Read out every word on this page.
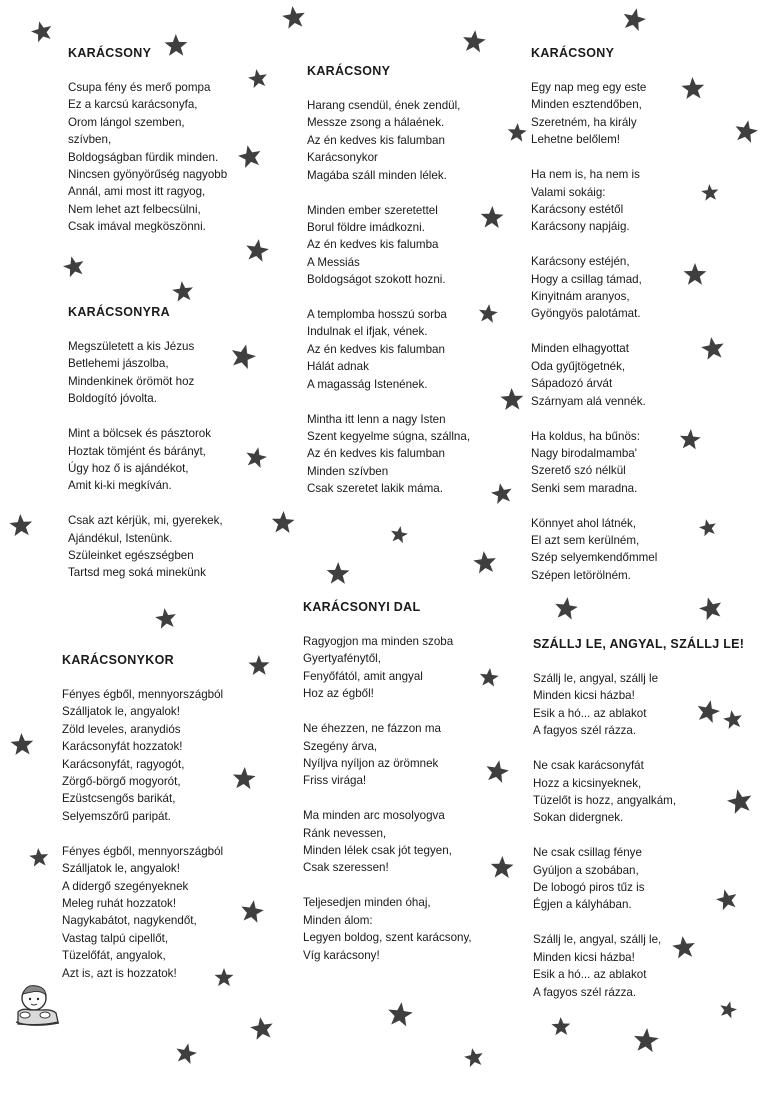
KARÁCSONY
Csupa fény és merő pompa
Ez a karcsú karácsonyfa,
Orom lángol szemben,
szívben,
Boldogságban fürdik minden.
Nincsen gyönyörűség nagyobb
Annál, ami most itt ragyog,
Nem lehet azt felbecsülni,
Csak imával megköszönni.
KARÁCSONYRA
Megszületett a kis Jézus
Betlehemi jászolba,
Mindenkinek örömöt hoz
Boldogító jóvolta.
Mint a bölcsek és pásztorok
Hoztak tömjént és bárányt,
Úgy hoz ő is ajándékot,
Amit ki-ki megkíván.
Csak azt kérjük, mi, gyerekek,
Ajándékul, Istenünk.
Szüleinket egészségben
Tartsd meg soká minekünk
KARÁCSONYKOR
Fényes égből, mennyországból
Szálljatok le, angyalok!
Zöld leveles, aranydiós
Karácsonyfát hozzatok!
Karácsonyfát, ragyogót,
Zörgő-börgő mogyorót,
Ezüstcsengős barikát,
Selyemszőrű paripát.
Fényes égből, mennyországból
Szálljatok le, angyalok!
A didergő szegényeknek
Meleg ruhát hozzatok!
Nagykabátot, nagykendőt,
Vastag talpú cipellőt,
Tüzelőfát, angyalok,
Azt is, azt is hozzatok!
KARÁCSONY
Harang csendül, ének zendül,
Messze zsong a hálaének.
Az én kedves kis falumban
Karácsonykor
Magába száll minden lélek.
Minden ember szeretettel
Borul földre imádkozni.
Az én kedves kis falumba
A Messiás
Boldogságot szokott hozni.
A templomba hosszú sorba
Indulnak el ifjak, vének.
Az én kedves kis falumban
Hálát adnak
A magasság Istenének.
Mintha itt lenn a nagy Isten
Szent kegyelme súgna, szállna,
Az én kedves kis falumban
Minden szívben
Csak szeretet lakik máma.
KARÁCSONYI DAL
Ragyogjon ma minden szoba
Gyertyafénytől,
Fenyőfától, amit angyal
Hoz az égből!
Ne éhezzen, ne fázzon ma
Szegény árva,
Nyíljva nyíljon az örömnek
Friss virága!
Ma minden arc mosolyogva
Ránk nevessen,
Minden lélek csak jót tegyen,
Csak szeressen!
Teljesedjen minden óhaj,
Minden álom:
Legyen boldog, szent karácsony,
Víg karácsony!
KARÁCSONY
Egy nap meg egy este
Minden esztendőben,
Szeretném, ha király
Lehetne belőlem!
Ha nem is, ha nem is
Valami sokáig:
Karácsony estétől
Karácsony napjáig.
Karácsony estéjén,
Hogy a csillag támad,
Kinyitnám aranyos,
Gyöngyös palotámat.
Minden elhagyottat
Oda gyűjtögetnék,
Sápadozó árvát
Szárnyam alá vennék.
Ha koldus, ha bűnös:
Nagy birodalmamba'
Szerető szó nélkül
Senki sem maradna.
Könnyet ahol látnék,
El azt sem kerülném,
Szép selyemkendőmmel
Szépen letörölném.
SZÁLLJ LE, ANGYAL, SZÁLLJ LE!
Szállj le, angyal, szállj le
Minden kicsi házba!
Esik a hó... az ablakot
A fagyos szél rázza.
Ne csak karácsonyfát
Hozz a kicsinyeknek,
Tüzelőt is hozz, angyalkám,
Sokan didergnek.
Ne csak csillag fénye
Gyúljon a szobában,
De lobogó piros tűz is
Égjen a kályhában.
Szállj le, angyal, szállj le,
Minden kicsi házba!
Esik a hó... az ablakot
A fagyos szél rázza.
